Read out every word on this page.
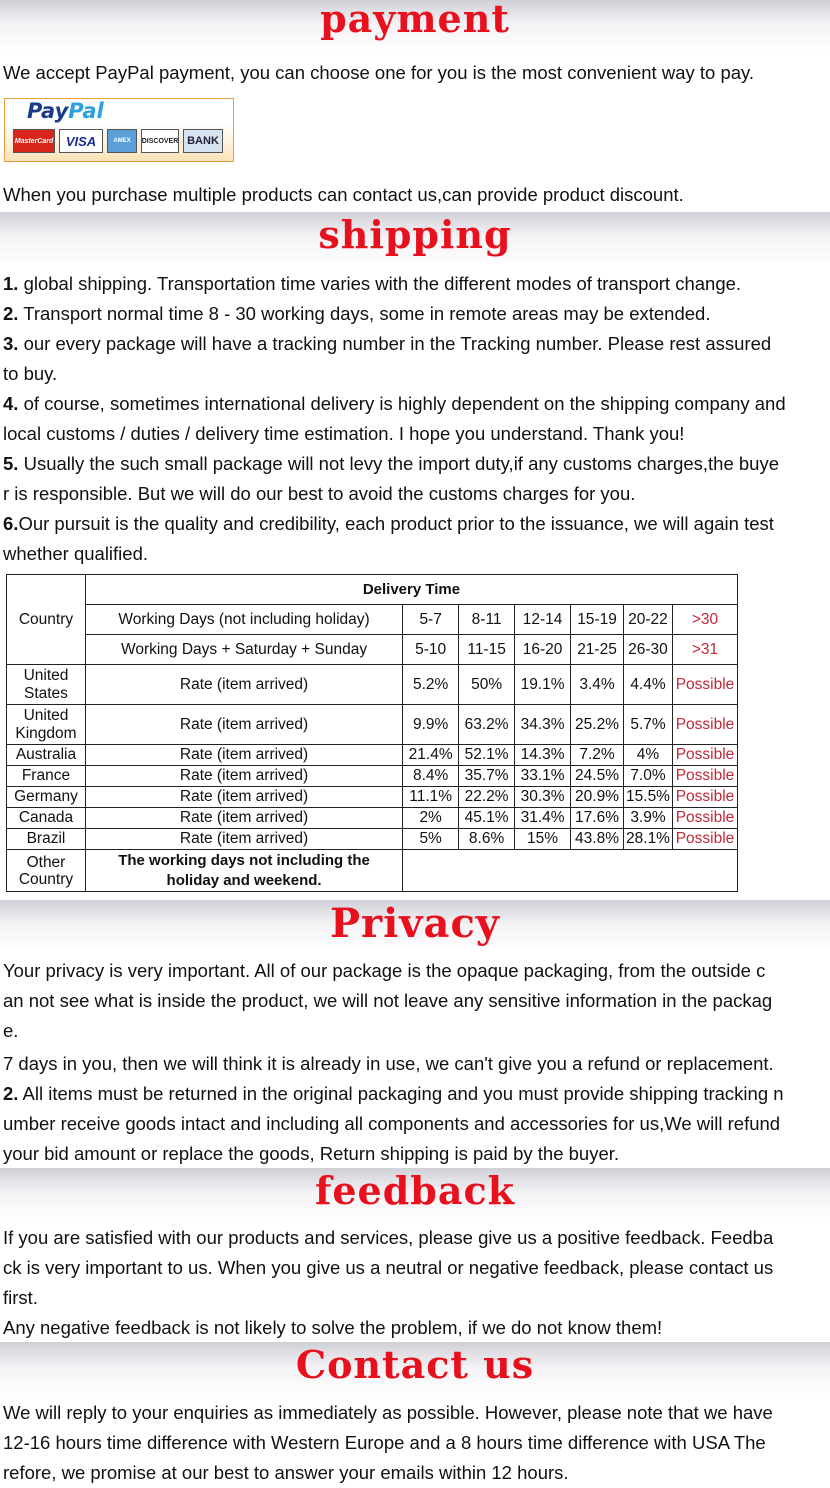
payment
We accept PayPal payment, you can choose one for you is the most convenient way to pay.
PayPal
MasterCard VISA	AMEX	DISCOVER BANK
When you purchase multiple products can contact us,can provide product discount.
shipping
1. global shipping. Transportation time varies with the different modes of transport change.
2. Transport normal time 8 - 30 working days, some in remote areas may be extended.
3. our every package will have a tracking number in the Tracking number. Please rest assured
to buy.
4. of course, sometimes international delivery is highly dependent on the shipping company and
local customs / duties / delivery time estimation. I hope you understand. Thank you!
5. Usually the such small package will not levy the import duty,if any customs charges,the buye
r is responsible. But we will do our best to avoid the customs charges for you.
6.Our pursuit is the quality and credibility, each product prior to the issuance, we will again test
whether qualified.
Country	Delivery Time						
	Working Days (not including holiday)	5-7	8-11	12-14	15-19	20-22	>30
	Working Days + Saturday + Sunday	5-10	11-15	16-20	21-25	26-30	>31
United States	Rate (item arrived)	5.2%	50%	19.1%	3.4%	4.4%	Possible
United Kingdom	Rate (item arrived)	9.9%	63.2%	34.3%	25.2%	5.7%	Possible
Australia	Rate (item arrived)	21.4%	52.1%	14.3%	7.2%	4%	Possible
France	Rate (item arrived)	8.4%	35.7%	33.1%	24.5%	7.0%	Possible
Germany	Rate (item arrived)	11.1%	22.2%	30.3%	20.9%	15.5%	Possible
Canada	Rate (item arrived)	2%	45.1%	31.4%	17.6%	3.9%	Possible
Brazil	Rate (item arrived)	5%	8.6%	15%	43.8%	28.1%	Possible
Other Country	The working days not including the holiday and weekend.						
Privacy
Your privacy is very important. All of our package is the opaque packaging, from the outside c
an not see what is inside the product, we will not leave any sensitive information in the packag
e.
7 days in you, then we will think it is already in use, we can't give you a refund or replacement.
2. All items must be returned in the original packaging and you must provide shipping tracking n
umber receive goods intact and including all components and accessories for us,We will refund
your bid amount or replace the goods, Return shipping is paid by the buyer.
feedback
If you are satisfied with our products and services, please give us a positive feedback. Feedba
ck is very important to us. When you give us a neutral or negative feedback, please contact us
first.
Any negative feedback is not likely to solve the problem, if we do not know them!
Contact us
We will reply to your enquiries as immediately as possible. However, please note that we have
12-16 hours time difference with Western Europe and a 8 hours time difference with USA The
refore, we promise at our best to answer your emails within 12 hours.
